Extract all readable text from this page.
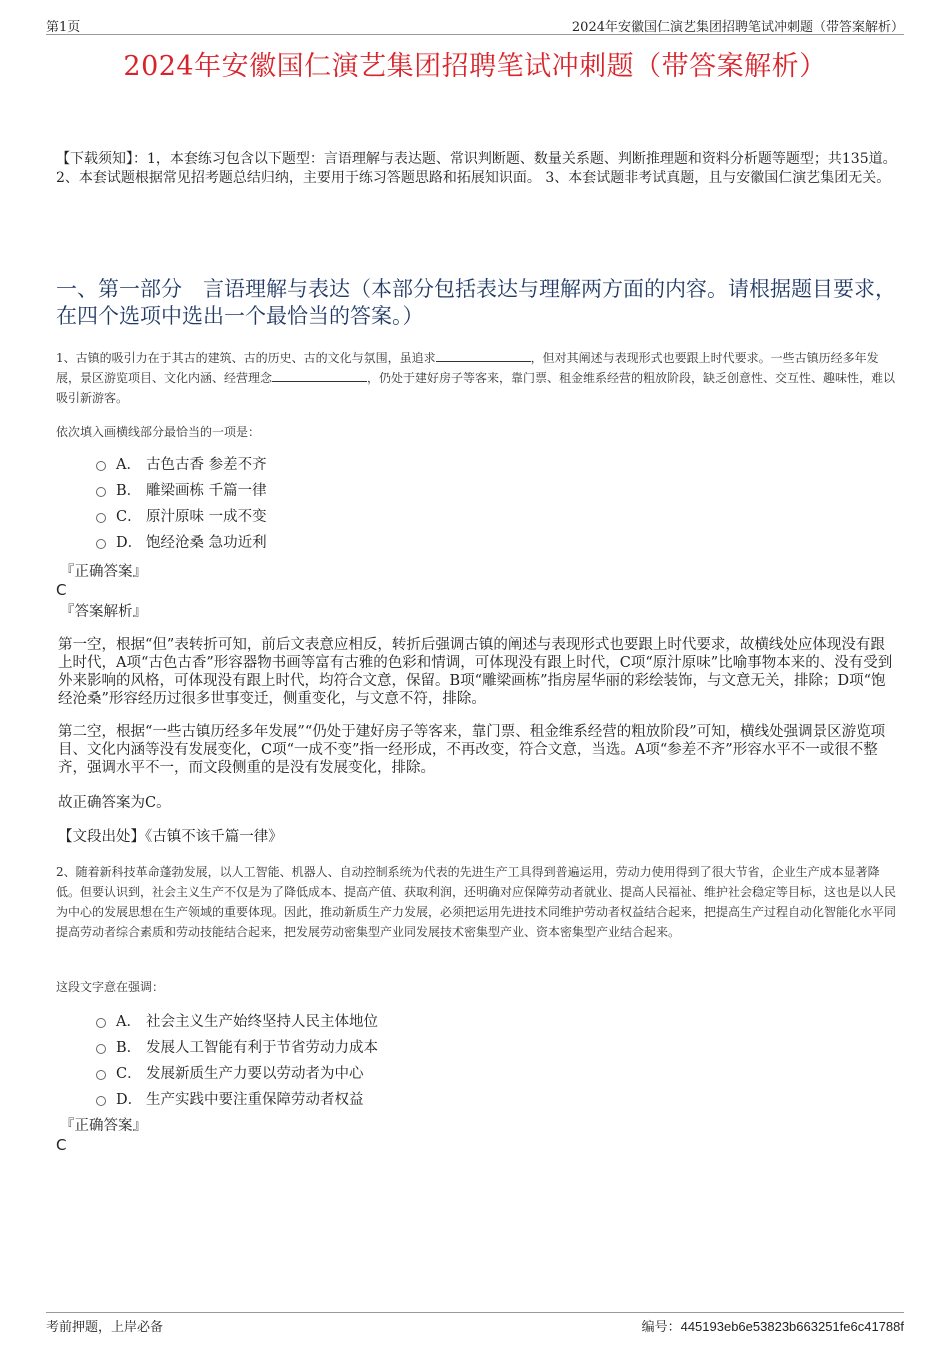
第1页	2024年安徽国仁演艺集团招聘笔试冲刺题（带答案解析）
2024年安徽国仁演艺集团招聘笔试冲刺题（带答案解析）
【下载须知】：1，本套练习包含以下题型：言语理解与表达题、常识判断题、数量关系题、判断推理题和资料分析题等题型；共135道。 2、本套试题根据常见招考题总结归纳，主要用于练习答题思路和拓展知识面。 3、本套试题非考试真题，且与安徽国仁演艺集团无关。
一、第一部分　言语理解与表达（本部分包括表达与理解两方面的内容。请根据题目要求，在四个选项中选出一个最恰当的答案。）
1、古镇的吸引力在于其古的建筑、古的历史、古的文化与氛围，虽追求	，但对其阐述与表现形式也要跟上时代要求。一些古镇历经多年发展，景区游览项目、文化内涵、经营理念	，仍处于建好房子等客来，靠门票、租金维系经营的粗放阶段，缺乏创意性、交互性、趣味性，难以吸引新游客。
依次填入画横线部分最恰当的一项是：
A． 古色古香 参差不齐
B． 雕梁画栋 千篇一律
C． 原汁原味 一成不变
D． 饱经沧桑 急功近利
『正确答案』
C
『答案解析』
第一空，根据“但”表转折可知，前后文表意应相反，转折后强调古镇的阐述与表现形式也要跟上时代要求，故横线处应体现没有跟上时代，A项“古色古香”形容器物书画等富有古雅的色彩和情调，可体现没有跟上时代，C项“原汁原味”比喻事物本来的、没有受到外来影响的风格，可体现没有跟上时代，均符合文意，保留。B项“雕梁画栋”指房屋华丽的彩绘装饰，与文意无关，排除；D项“饱经沧桑”形容经历过很多世事变迁，侧重变化，与文意不符，排除。
第二空，根据“一些古镇历经多年发展”“仍处于建好房子等客来，靠门票、租金维系经营的粗放阶段”可知，横线处强调景区游览项目、文化内涵等没有发展变化，C项“一成不变”指一经形成，不再改变，符合文意，当选。A项“参差不齐”形容水平不一或很不整齐，强调水平不一，而文段侧重的是没有发展变化，排除。
故正确答案为C。
【文段出处】《古镇不该千篇一律》
2、随着新科技革命蓬勃发展，以人工智能、机器人、自动控制系统为代表的先进生产工具得到普遍运用，劳动力使用得到了很大节省，企业生产成本显著降低。但要认识到，社会主义生产不仅是为了降低成本、提高产值、获取利润，还明确对应保障劳动者就业、提高人民福祉、维护社会稳定等目标，这也是以人民为中心的发展思想在生产领域的重要体现。因此，推动新质生产力发展，必须把运用先进技术同维护劳动者权益结合起来，把提高生产过程自动化智能化水平同提高劳动者综合素质和劳动技能结合起来，把发展劳动密集型产业同发展技术密集型产业、资本密集型产业结合起来。
这段文字意在强调：
A． 社会主义生产始终坚持人民主体地位
B． 发展人工智能有利于节省劳动力成本
C． 发展新质生产力要以劳动者为中心
D． 生产实践中要注重保障劳动者权益
『正确答案』
C
考前押题，上岸必备	编号：445193eb6e53823b663251fe6c41788f
